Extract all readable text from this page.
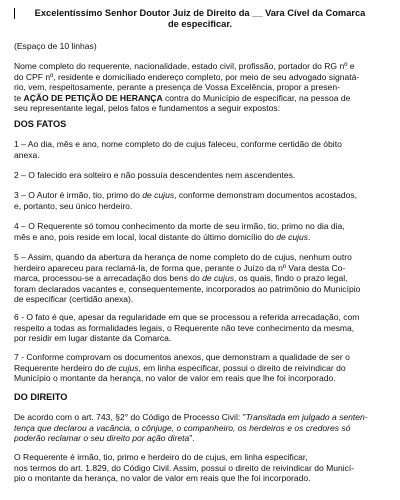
Excelentíssimo Senhor Doutor Juiz de Direito da __ Vara Cível da Comarca
de especificar.
(Espaço de 10 linhas)
Nome completo do requerente, nacionalidade, estado civil, profissão, portador do RG nº e
do CPF nº, residente e domiciliado endereço completo, por meio de seu advogado signatá-
rio, vem, respeitosamente, perante a presença de Vossa Excelência, propor a presen-
te AÇÃO DE PETIÇÃO DE HERANÇA contra do Município de especificar, na pessoa de
seu representante legal, pelos fatos e fundamentos a seguir expostos:
DOS FATOS
1 – Ao dia, mês e ano, nome completo do de cujus faleceu, conforme certidão de óbito
anexa.
2 – O falecido era solteiro e não possuía descendentes nem ascendentes.
3 – O Autor é irmão, tio, primo do de cujus, conforme demonstram documentos acostados,
e, portanto, seu único herdeiro.
4 – O Requerente só tomou conhecimento da morte de seu irmão, tio, primo no dia dia,
mês e ano, pois reside em local, local distante do último domicílio do de cujus.
5 – Assim, quando da abertura da herança de nome completo do de cujus, nenhum outro
herdeiro apareceu para reclamá-la, de forma que, perante o Juízo da nº Vara desta Co-
marca, processou-se a arrecadação dos bens do de cujus, os quais, findo o prazo legal,
foram declarados vacantes e, consequentemente, incorporados ao patrimônio do Município
de especificar (certidão anexa).
6 - O fato é que, apesar da regularidade em que se processou a referida arrecadação, com
respeito a todas as formalidades legais, o Requerente não teve conhecimento da mesma,
por residir em lugar distante da Comarca.
7 - Conforme comprovam os documentos anexos, que demonstram a qualidade de ser o
Requerente herdeiro do de cujus, em linha especificar, possui o direito de reivindicar do
Município o montante da herança, no valor de valor em reais que lhe foi incorporado.
DO DIREITO
De acordo com o art. 743, §2° do Código de Processo Civil: "Transitada em julgado a senten-
tença que declarou a vacância, o cônjuge, o companheiro, os herdeiros e os credores só
poderão reclamar o seu direito por ação direta".
O Requerente é irmão, tio, primo e herdeiro do de cujus, em linha especificar,
nos termos do art. 1.829, do Código Civil. Assim, possui o direito de reivindicar do Municí-
pio o montante da herança, no valor de valor em reais que lhe foi incorporado.
